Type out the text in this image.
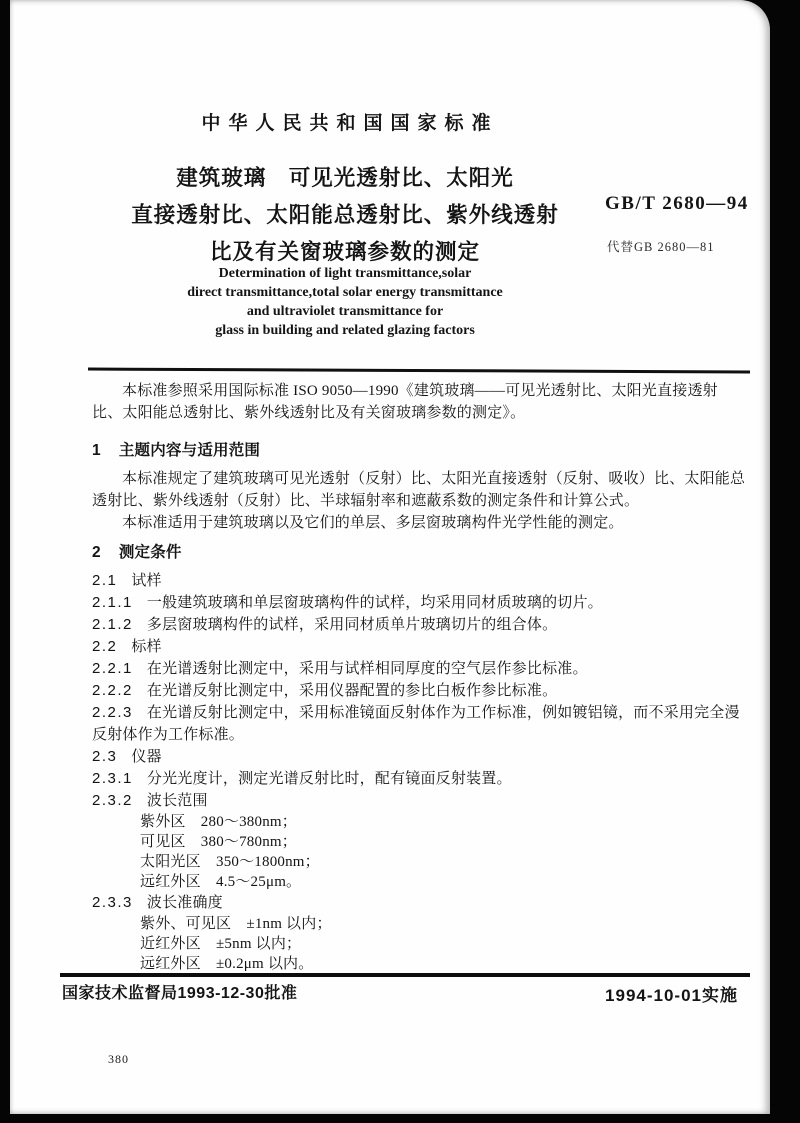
中华人民共和国国家标准
建筑玻璃　可见光透射比、太阳光
直接透射比、太阳能总透射比、紫外线透射
比及有关窗玻璃参数的测定
GB/T 2680—94
代替GB 2680—81
Determination of light transmittance,solar
direct transmittance,total solar energy transmittance
and ultraviolet transmittance for
glass in building and related glazing factors

本标准参照采用国际标准 ISO 9050—1990《建筑玻璃——可见光透射比、太阳光直接透射比、太阳能总透射比、紫外线透射比及有关窗玻璃参数的测定》。

1 主题内容与适用范围

本标准规定了建筑玻璃可见光透射（反射）比、太阳光直接透射（反射、吸收）比、太阳能总透射比、紫外线透射（反射）比、半球辐射率和遮蔽系数的测定条件和计算公式。

本标准适用于建筑玻璃以及它们的单层、多层窗玻璃构件光学性能的测定。

2 测定条件
2.1 试样
2.1.1 一般建筑玻璃和单层窗玻璃构件的试样，均采用同材质玻璃的切片。
2.1.2 多层窗玻璃构件的试样，采用同材质单片玻璃切片的组合体。
2.2 标样
2.2.1 在光谱透射比测定中，采用与试样相同厚度的空气层作参比标准。
2.2.2 在光谱反射比测定中，采用仪器配置的参比白板作参比标准。
2.2.3 在光谱反射比测定中，采用标准镜面反射体作为工作标准，例如镀铝镜，而不采用完全漫反射体作为工作标准。
2.3 仪器
2.3.1 分光光度计，测定光谱反射比时，配有镜面反射装置。
2.3.2 波长范围
紫外区　280～380nm；
可见区　380～780nm；
太阳光区　350～1800nm；
远红外区　4.5～25μm。
2.3.3 波长准确度
紫外、可见区　±1nm 以内；
近红外区　±5nm 以内；
远红外区　±0.2μm 以内。
国家技术监督局1993-12-30批准	1994-10-01实施
380
